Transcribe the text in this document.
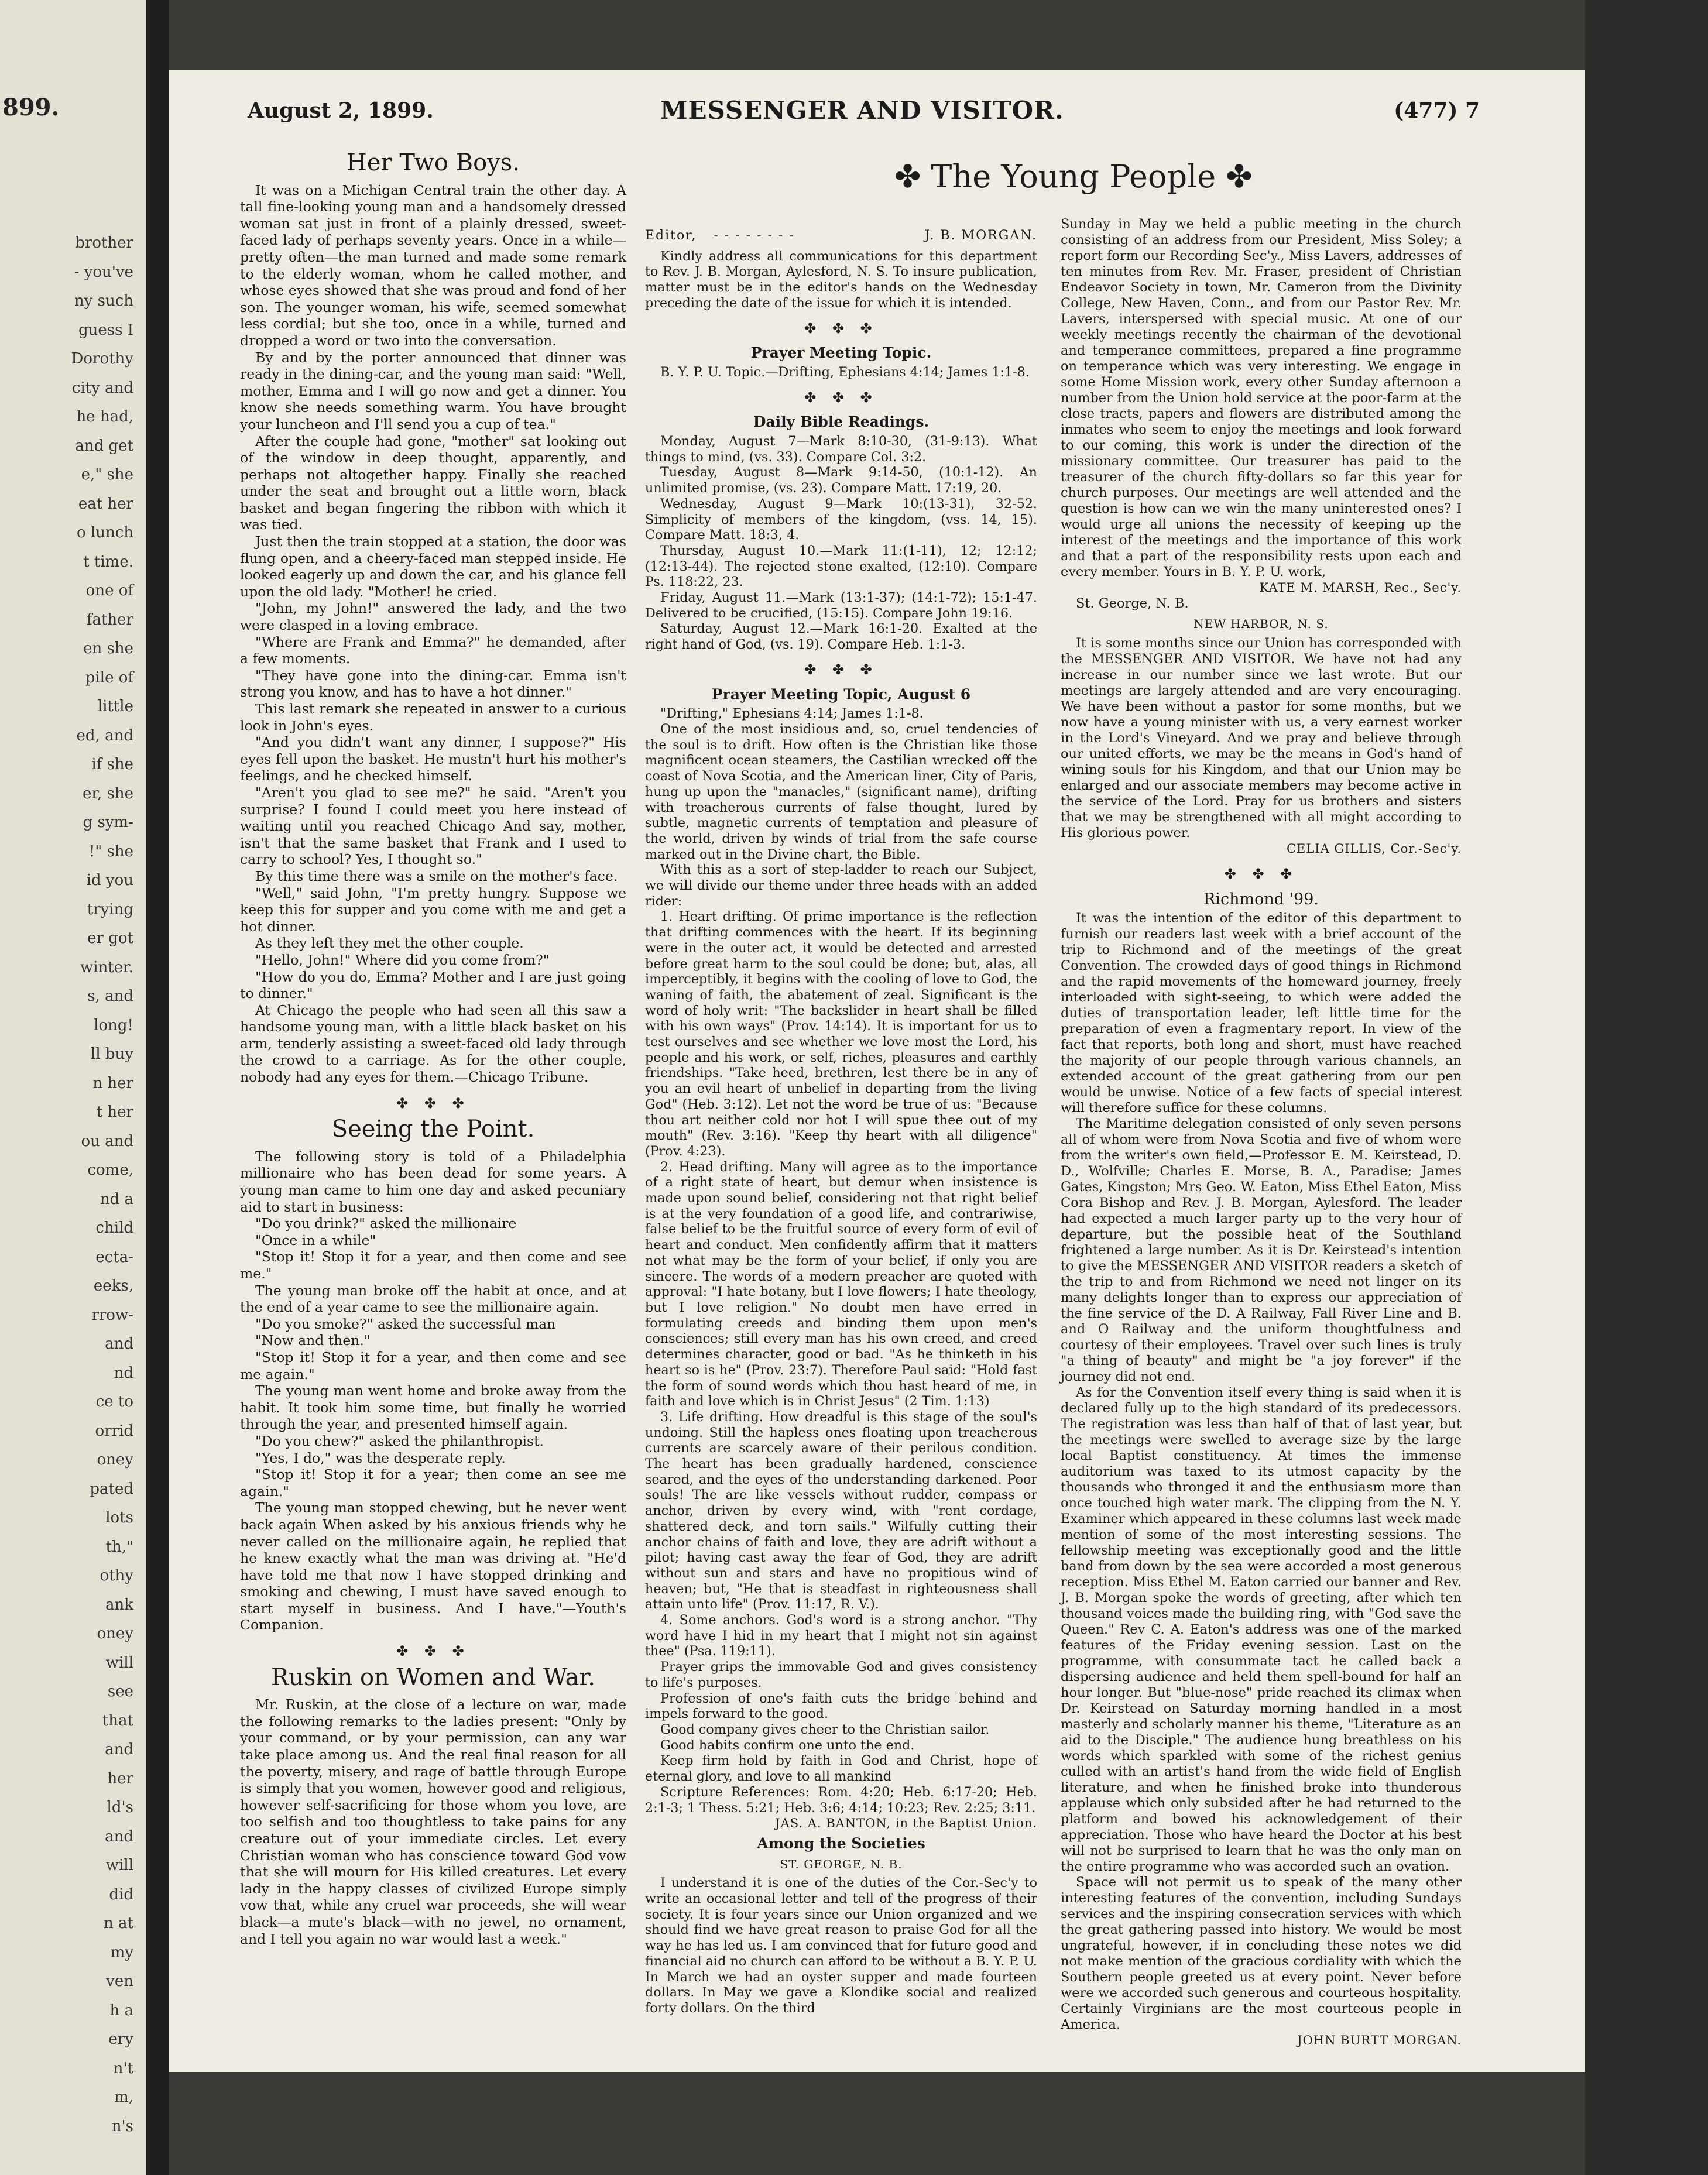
899.
brother
- you've
ny such
guess I
Dorothy
city and
he had,
and get
e," she
eat her
o lunch
t time.
one of
father
en she
pile of
little
ed, and
if she
er, she
g sym-
!" she
id you
trying
er got
winter.
s, and
long!
ll buy
n her
t her
ou and
come,
nd a
child
ecta-
eeks,
rrow-
and
nd
ce to
orrid
oney
pated
lots
th,"
othy
ank
oney
will
see
that
and
her
ld's
and
will
did
n at
my
ven
h a
ery
n't
m,
n's
August 2, 1899.	MESSENGER AND VISITOR.	(477) 7
✤ The Young People ✤
Her Two Boys.

It was on a Michigan Central train the other day. A tall fine-looking young man and a handsomely dressed woman sat just in front of a plainly dressed, sweet-faced lady of perhaps seventy years. Once in a while—pretty often—the man turned and made some remark to the elderly woman, whom he called mother, and whose eyes showed that she was proud and fond of her son. The younger woman, his wife, seemed somewhat less cordial; but she too, once in a while, turned and dropped a word or two into the conversation.

By and by the porter announced that dinner was ready in the dining-car, and the young man said: "Well, mother, Emma and I will go now and get a dinner. You know she needs something warm. You have brought your luncheon and I'll send you a cup of tea."

After the couple had gone, "mother" sat looking out of the window in deep thought, apparently, and perhaps not altogether happy. Finally she reached under the seat and brought out a little worn, black basket and began fingering the ribbon with which it was tied.

Just then the train stopped at a station, the door was flung open, and a cheery-faced man stepped inside. He looked eagerly up and down the car, and his glance fell upon the old lady. "Mother! he cried.

"John, my John!" answered the lady, and the two were clasped in a loving embrace.

"Where are Frank and Emma?" he demanded, after a few moments.

"They have gone into the dining-car. Emma isn't strong you know, and has to have a hot dinner."

This last remark she repeated in answer to a curious look in John's eyes.

"And you didn't want any dinner, I suppose?" His eyes fell upon the basket. He mustn't hurt his mother's feelings, and he checked himself.

"Aren't you glad to see me?" he said. "Aren't you surprise? I found I could meet you here instead of waiting until you reached Chicago And say, mother, isn't that the same basket that Frank and I used to carry to school? Yes, I thought so."

By this time there was a smile on the mother's face.

"Well," said John, "I'm pretty hungry. Suppose we keep this for supper and you come with me and get a hot dinner.

As they left they met the other couple.

"Hello, John!" Where did you come from?"

"How do you do, Emma? Mother and I are just going to dinner."

At Chicago the people who had seen all this saw a handsome young man, with a little black basket on his arm, tenderly assisting a sweet-faced old lady through the crowd to a carriage. As for the other couple, nobody had any eyes for them.—Chicago Tribune.

✤ ✤ ✤
Seeing the Point.

The following story is told of a Philadelphia millionaire who has been dead for some years. A young man came to him one day and asked pecuniary aid to start in business:

"Do you drink?" asked the millionaire

"Once in a while"

"Stop it! Stop it for a year, and then come and see me."

The young man broke off the habit at once, and at the end of a year came to see the millionaire again.

"Do you smoke?" asked the successful man

"Now and then."

"Stop it! Stop it for a year, and then come and see me again."

The young man went home and broke away from the habit. It took him some time, but finally he worried through the year, and presented himself again.

"Do you chew?" asked the philanthropist.

"Yes, I do," was the desperate reply.

"Stop it! Stop it for a year; then come an see me again."

The young man stopped chewing, but he never went back again When asked by his anxious friends why he never called on the millionaire again, he replied that he knew exactly what the man was driving at. "He'd have told me that now I have stopped drinking and smoking and chewing, I must have saved enough to start myself in business. And I have."—Youth's Companion.

✤ ✤ ✤
Ruskin on Women and War.

Mr. Ruskin, at the close of a lecture on war, made the following remarks to the ladies present: "Only by your command, or by your permission, can any war take place among us. And the real final reason for all the poverty, misery, and rage of battle through Europe is simply that you women, however good and religious, however self-sacrificing for those whom you love, are too selfish and too thoughtless to take pains for any creature out of your immediate circles. Let every Christian woman who has conscience toward God vow that she will mourn for His killed creatures. Let every lady in the happy classes of civilized Europe simply vow that, while any cruel war proceeds, she will wear black—a mute's black—with no jewel, no ornament, and I tell you again no war would last a week."

Editor, - - - - - - - -	J. B. MORGAN.

Kindly address all communications for this department to Rev. J. B. Morgan, Aylesford, N. S. To insure publication, matter must be in the editor's hands on the Wednesday preceding the date of the issue for which it is intended.

✤ ✤ ✤
Prayer Meeting Topic.

B. Y. P. U. Topic.—Drifting, Ephesians 4:14; James 1:1-8.

✤ ✤ ✤
Daily Bible Readings.

Monday, August 7—Mark 8:10-30, (31-9:13). What things to mind, (vs. 33). Compare Col. 3:2.

Tuesday, August 8—Mark 9:14-50, (10:1-12). An unlimited promise, (vs. 23). Compare Matt. 17:19, 20.

Wednesday, August 9—Mark 10:(13-31), 32-52. Simplicity of members of the kingdom, (vss. 14, 15). Compare Matt. 18:3, 4.

Thursday, August 10.—Mark 11:(1-11), 12; 12:12; (12:13-44). The rejected stone exalted, (12:10). Compare Ps. 118:22, 23.

Friday, August 11.—Mark (13:1-37); (14:1-72); 15:1-47. Delivered to be crucified, (15:15). Compare John 19:16.

Saturday, August 12.—Mark 16:1-20. Exalted at the right hand of God, (vs. 19). Compare Heb. 1:1-3.

✤ ✤ ✤
Prayer Meeting Topic, August 6

"Drifting," Ephesians 4:14; James 1:1-8.

One of the most insidious and, so, cruel tendencies of the soul is to drift. How often is the Christian like those magnificent ocean steamers, the Castilian wrecked off the coast of Nova Scotia, and the American liner, City of Paris, hung up upon the "manacles," (significant name), drifting with treacherous currents of false thought, lured by subtle, magnetic currents of temptation and pleasure of the world, driven by winds of trial from the safe course marked out in the Divine chart, the Bible.

With this as a sort of step-ladder to reach our Subject, we will divide our theme under three heads with an added rider:

1. Heart drifting. Of prime importance is the reflection that drifting commences with the heart. If its beginning were in the outer act, it would be detected and arrested before great harm to the soul could be done; but, alas, all imperceptibly, it begins with the cooling of love to God, the waning of faith, the abatement of zeal. Significant is the word of holy writ: "The backslider in heart shall be filled with his own ways" (Prov. 14:14). It is important for us to test ourselves and see whether we love most the Lord, his people and his work, or self, riches, pleasures and earthly friendships. "Take heed, brethren, lest there be in any of you an evil heart of unbelief in departing from the living God" (Heb. 3:12). Let not the word be true of us: "Because thou art neither cold nor hot I will spue thee out of my mouth" (Rev. 3:16). "Keep thy heart with all diligence" (Prov. 4:23).

2. Head drifting. Many will agree as to the importance of a right state of heart, but demur when insistence is made upon sound belief, considering not that right belief is at the very foundation of a good life, and contrariwise, false belief to be the fruitful source of every form of evil of heart and conduct. Men confidently affirm that it matters not what may be the form of your belief, if only you are sincere. The words of a modern preacher are quoted with approval: "I hate botany, but I love flowers; I hate theology, but I love religion." No doubt men have erred in formulating creeds and binding them upon men's consciences; still every man has his own creed, and creed determines character, good or bad. "As he thinketh in his heart so is he" (Prov. 23:7). Therefore Paul said: "Hold fast the form of sound words which thou hast heard of me, in faith and love which is in Christ Jesus" (2 Tim. 1:13)

3. Life drifting. How dreadful is this stage of the soul's undoing. Still the hapless ones floating upon treacherous currents are scarcely aware of their perilous condition. The heart has been gradually hardened, conscience seared, and the eyes of the understanding darkened. Poor souls! The are like vessels without rudder, compass or anchor, driven by every wind, with "rent cordage, shattered deck, and torn sails." Wilfully cutting their anchor chains of faith and love, they are adrift without a pilot; having cast away the fear of God, they are adrift without sun and stars and have no propitious wind of heaven; but, "He that is steadfast in righteousness shall attain unto life" (Prov. 11:17, R. V.).

4. Some anchors. God's word is a strong anchor. "Thy word have I hid in my heart that I might not sin against thee" (Psa. 119:11).

Prayer grips the immovable God and gives consistency to life's purposes.

Profession of one's faith cuts the bridge behind and impels forward to the good.

Good company gives cheer to the Christian sailor.

Good habits confirm one unto the end.

Keep firm hold by faith in God and Christ, hope of eternal glory, and love to all mankind

Scripture References: Rom. 4:20; Heb. 6:17-20; Heb. 2:1-3; 1 Thess. 5:21; Heb. 3:6; 4:14; 10:23; Rev. 2:25; 3:11.

JAS. A. BANTON, in the Baptist Union.
Among the Societies
ST. GEORGE, N. B.

I understand it is one of the duties of the Cor.-Sec'y to write an occasional letter and tell of the progress of their society. It is four years since our Union organized and we should find we have great reason to praise God for all the way he has led us. I am convinced that for future good and financial aid no church can afford to be without a B. Y. P. U. In March we had an oyster supper and made fourteen dollars. In May we gave a Klondike social and realized forty dollars. On the third

Sunday in May we held a public meeting in the church consisting of an address from our President, Miss Soley; a report form our Recording Sec'y., Miss Lavers, addresses of ten minutes from Rev. Mr. Fraser, president of Christian Endeavor Society in town, Mr. Cameron from the Divinity College, New Haven, Conn., and from our Pastor Rev. Mr. Lavers, interspersed with special music. At one of our weekly meetings recently the chairman of the devotional and temperance committees, prepared a fine programme on temperance which was very interesting. We engage in some Home Mission work, every other Sunday afternoon a number from the Union hold service at the poor-farm at the close tracts, papers and flowers are distributed among the inmates who seem to enjoy the meetings and look forward to our coming, this work is under the direction of the missionary committee. Our treasurer has paid to the treasurer of the church fifty-dollars so far this year for church purposes. Our meetings are well attended and the question is how can we win the many uninterested ones? I would urge all unions the necessity of keeping up the interest of the meetings and the importance of this work and that a part of the responsibility rests upon each and every member. Yours in B. Y. P. U. work,

KATE M. MARSH, Rec., Sec'y.

St. George, N. B.

NEW HARBOR, N. S.

It is some months since our Union has corresponded with the MESSENGER AND VISITOR. We have not had any increase in our number since we last wrote. But our meetings are largely attended and are very encouraging. We have been without a pastor for some months, but we now have a young minister with us, a very earnest worker in the Lord's Vineyard. And we pray and believe through our united efforts, we may be the means in God's hand of wining souls for his Kingdom, and that our Union may be enlarged and our associate members may become active in the service of the Lord. Pray for us brothers and sisters that we may be strengthened with all might according to His glorious power.

CELIA GILLIS, Cor.-Sec'y.
✤ ✤ ✤
Richmond '99.

It was the intention of the editor of this department to furnish our readers last week with a brief account of the trip to Richmond and of the meetings of the great Convention. The crowded days of good things in Richmond and the rapid movements of the homeward journey, freely interloaded with sight-seeing, to which were added the duties of transportation leader, left little time for the preparation of even a fragmentary report. In view of the fact that reports, both long and short, must have reached the majority of our people through various channels, an extended account of the great gathering from our pen would be unwise. Notice of a few facts of special interest will therefore suffice for these columns.

The Maritime delegation consisted of only seven persons all of whom were from Nova Scotia and five of whom were from the writer's own field,—Professor E. M. Keirstead, D. D., Wolfville; Charles E. Morse, B. A., Paradise; James Gates, Kingston; Mrs Geo. W. Eaton, Miss Ethel Eaton, Miss Cora Bishop and Rev. J. B. Morgan, Aylesford. The leader had expected a much larger party up to the very hour of departure, but the possible heat of the Southland frightened a large number. As it is Dr. Keirstead's intention to give the MESSENGER AND VISITOR readers a sketch of the trip to and from Richmond we need not linger on its many delights longer than to express our appreciation of the fine service of the D. A Railway, Fall River Line and B. and O Railway and the uniform thoughtfulness and courtesy of their employees. Travel over such lines is truly "a thing of beauty" and might be "a joy forever" if the journey did not end.

As for the Convention itself every thing is said when it is declared fully up to the high standard of its predecessors. The registration was less than half of that of last year, but the meetings were swelled to average size by the large local Baptist constituency. At times the immense auditorium was taxed to its utmost capacity by the thousands who thronged it and the enthusiasm more than once touched high water mark. The clipping from the N. Y. Examiner which appeared in these columns last week made mention of some of the most interesting sessions. The fellowship meeting was exceptionally good and the little band from down by the sea were accorded a most generous reception. Miss Ethel M. Eaton carried our banner and Rev. J. B. Morgan spoke the words of greeting, after which ten thousand voices made the building ring, with "God save the Queen." Rev C. A. Eaton's address was one of the marked features of the Friday evening session. Last on the programme, with consummate tact he called back a dispersing audience and held them spell-bound for half an hour longer. But "blue-nose" pride reached its climax when Dr. Keirstead on Saturday morning handled in a most masterly and scholarly manner his theme, "Literature as an aid to the Disciple." The audience hung breathless on his words which sparkled with some of the richest genius culled with an artist's hand from the wide field of English literature, and when he finished broke into thunderous applause which only subsided after he had returned to the platform and bowed his acknowledgement of their appreciation. Those who have heard the Doctor at his best will not be surprised to learn that he was the only man on the entire programme who was accorded such an ovation.

Space will not permit us to speak of the many other interesting features of the convention, including Sundays services and the inspiring consecration services with which the great gathering passed into history. We would be most ungrateful, however, if in concluding these notes we did not make mention of the gracious cordiality with which the Southern people greeted us at every point. Never before were we accorded such generous and courteous hospitality. Certainly Virginians are the most courteous people in America.

JOHN BURTT MORGAN.
